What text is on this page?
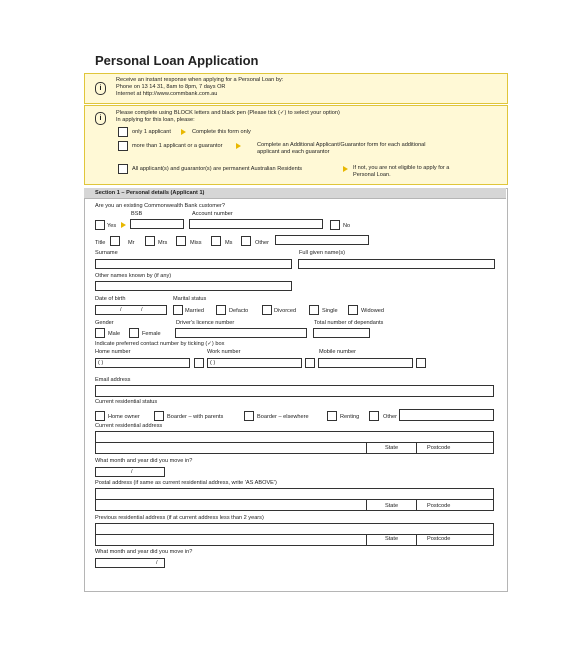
Personal Loan Application
i
Receive an instant response when applying for a Personal Loan by:
Phone on 13 14 31, 8am to 8pm, 7 days OR
Internet at http://www.commbank.com.au
i
Please complete using BLOCK letters and black pen (Please tick (✓) to select your option)
In applying for this loan, please:
only 1 applicant	Complete this form only
more than 1 applicant or a guarantor	Complete an Additional Applicant/Guarantor form for each additional
applicant and each guarantor
All applicant(s) and guarantor(s) are permanent Australian Residents	If not, you are not eligible to apply for a
Personal Loan.
Section 1 – Personal details (Applicant 1)
Are you an existing Commonwealth Bank customer?
BSB	Account number
Yes	No
Title	Mr	Mrs	Miss	Ms	Other
Surname	Full given name(s)
Other names known by (if any)
Date of birth	Marital status
/	/	Married	Defacto	Divorced	Single	Widowed
Gender	Driver's licence number	Total number of dependants
Male	Female
Indicate preferred contact number by ticking (✓) box
Home number	Work number	Mobile number
( )	( )
Email address
Current residential status
Home owner	Boarder – with parents	Boarder – elsewhere	Renting	Other
Current residential address
State	Postcode
What month and year did you move in?
/
Postal address (if same as current residential address, write 'AS ABOVE')
State	Postcode
Previous residential address (if at current address less than 2 years)
State	Postcode
What month and year did you move in?
/
